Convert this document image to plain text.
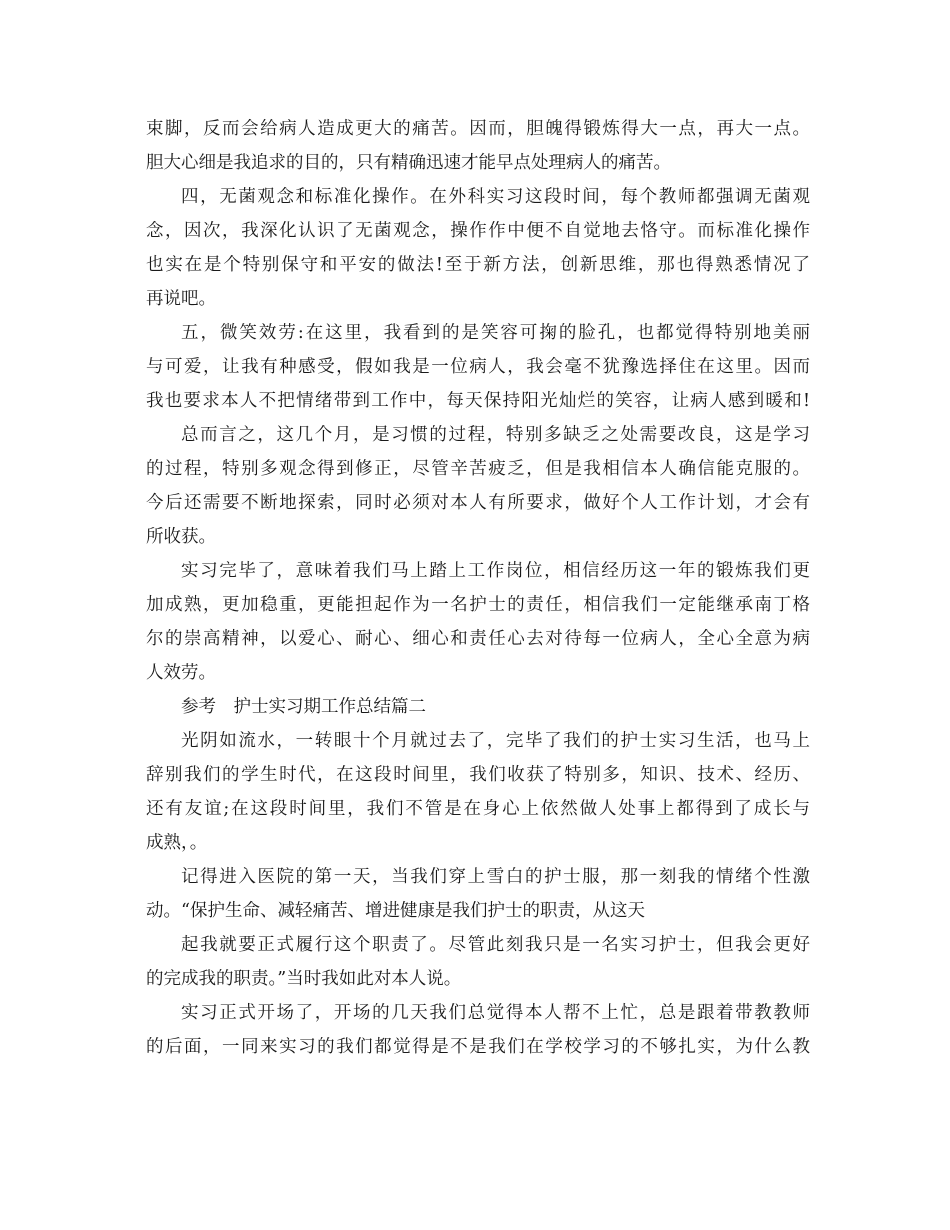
束脚，反而会给病人造成更大的痛苦。因而，胆魄得锻炼得大一点，再大一点。
胆大心细是我追求的目的，只有精确迅速才能早点处理病人的痛苦。
四，无菌观念和标准化操作。在外科实习这段时间，每个教师都强调无菌观
念，因次，我深化认识了无菌观念，操作作中便不自觉地去恪守。而标准化操作
也实在是个特别保守和平安的做法!至于新方法，创新思维，那也得熟悉情况了
再说吧。
五，微笑效劳:在这里，我看到的是笑容可掬的脸孔，也都觉得特别地美丽
与可爱，让我有种感受，假如我是一位病人，我会毫不犹豫选择住在这里。因而
我也要求本人不把情绪带到工作中，每天保持阳光灿烂的笑容，让病人感到暖和!
总而言之，这几个月，是习惯的过程，特别多缺乏之处需要改良，这是学习
的过程，特别多观念得到修正，尽管辛苦疲乏，但是我相信本人确信能克服的。
今后还需要不断地探索，同时必须对本人有所要求，做好个人工作计划，才会有
所收获。
实习完毕了，意味着我们马上踏上工作岗位，相信经历这一年的锻炼我们更
加成熟，更加稳重，更能担起作为一名护士的责任，相信我们一定能继承南丁格
尔的崇高精神，以爱心、耐心、细心和责任心去对待每一位病人，全心全意为病
人效劳。
参考　护士实习期工作总结篇二
光阴如流水，一转眼十个月就过去了，完毕了我们的护士实习生活，也马上
辞别我们的学生时代，在这段时间里，我们收获了特别多，知识、技术、经历、
还有友谊;在这段时间里，我们不管是在身心上依然做人处事上都得到了成长与
成熟，。
记得进入医院的第一天，当我们穿上雪白的护士服，那一刻我的情绪个性激
动。“保护生命、减轻痛苦、增进健康是我们护士的职责，从这天
起我就要正式履行这个职责了。尽管此刻我只是一名实习护士，但我会更好
的完成我的职责。”当时我如此对本人说。
实习正式开场了，开场的几天我们总觉得本人帮不上忙，总是跟着带教教师
的后面，一同来实习的我们都觉得是不是我们在学校学习的不够扎实，为什么教
